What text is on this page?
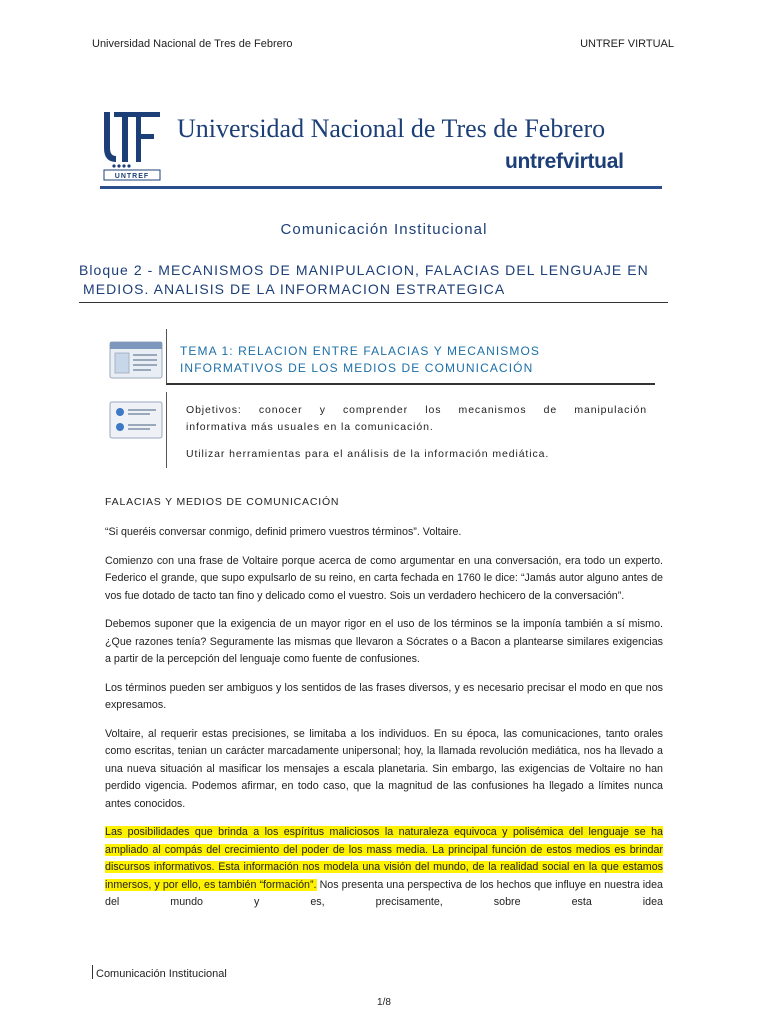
Universidad Nacional de Tres de Febrero	UNTREF VIRTUAL
UNTREF
Universidad Nacional de Tres de Febrero
untrefvirtual
Comunicación Institucional
Bloque 2 - MECANISMOS DE MANIPULACION, FALACIAS DEL LENGUAJE EN
MEDIOS. ANALISIS DE LA INFORMACION ESTRATEGICA
TEMA 1: RELACION ENTRE FALACIAS Y MECANISMOS
INFORMATIVOS DE LOS MEDIOS DE COMUNICACIÓN

Objetivos: conocer y comprender los mecanismos de manipulación
informativa más usuales en la comunicación.

Utilizar herramientas para el análisis de la información mediática.

FALACIAS Y MEDIOS DE COMUNICACIÓN

“Si queréis conversar conmigo, definid primero vuestros términos”. Voltaire.

Comienzo con una frase de Voltaire porque acerca de como argumentar en una conversación, era todo un experto. Federico el grande, que supo expulsarlo de su reino, en carta fechada en 1760 le dice: “Jamás autor alguno antes de vos fue dotado de tacto tan fino y delicado como el vuestro. Sois un verdadero hechicero de la conversación”.

Debemos suponer que la exigencia de un mayor rigor en el uso de los términos se la imponía también a sí mismo. ¿Que razones tenía? Seguramente las mismas que llevaron a Sócrates o a Bacon a plantearse similares exigencias a partir de la percepción del lenguaje como fuente de confusiones.

Los términos pueden ser ambiguos y los sentidos de las frases diversos, y es necesario precisar el modo en que nos expresamos.

Voltaire, al requerir estas precisiones, se limitaba a los individuos. En su época, las comunicaciones, tanto orales como escritas, tenian un carácter marcadamente unipersonal; hoy, la llamada revolución mediática, nos ha llevado a una nueva situación al masificar los mensajes a escala planetaria. Sin embargo, las exigencias de Voltaire no han perdido vigencia. Podemos afirmar, en todo caso, que la magnitud de las confusiones ha llegado a límites nunca antes conocidos.

Las posibilidades que brinda a los espíritus maliciosos la naturaleza equivoca y polisémica del lenguaje se ha ampliado al compás del crecimiento del poder de los mass media. La principal función de estos medios es brindar discursos informativos. Esta información nos modela una visión del mundo, de la realidad social en la que estamos inmersos, y por ello, es también “formación”. Nos presenta una perspectiva de los hechos que influye en nuestra idea del mundo y es, precisamente, sobre esta idea

Comunicación Institucional
1/8
